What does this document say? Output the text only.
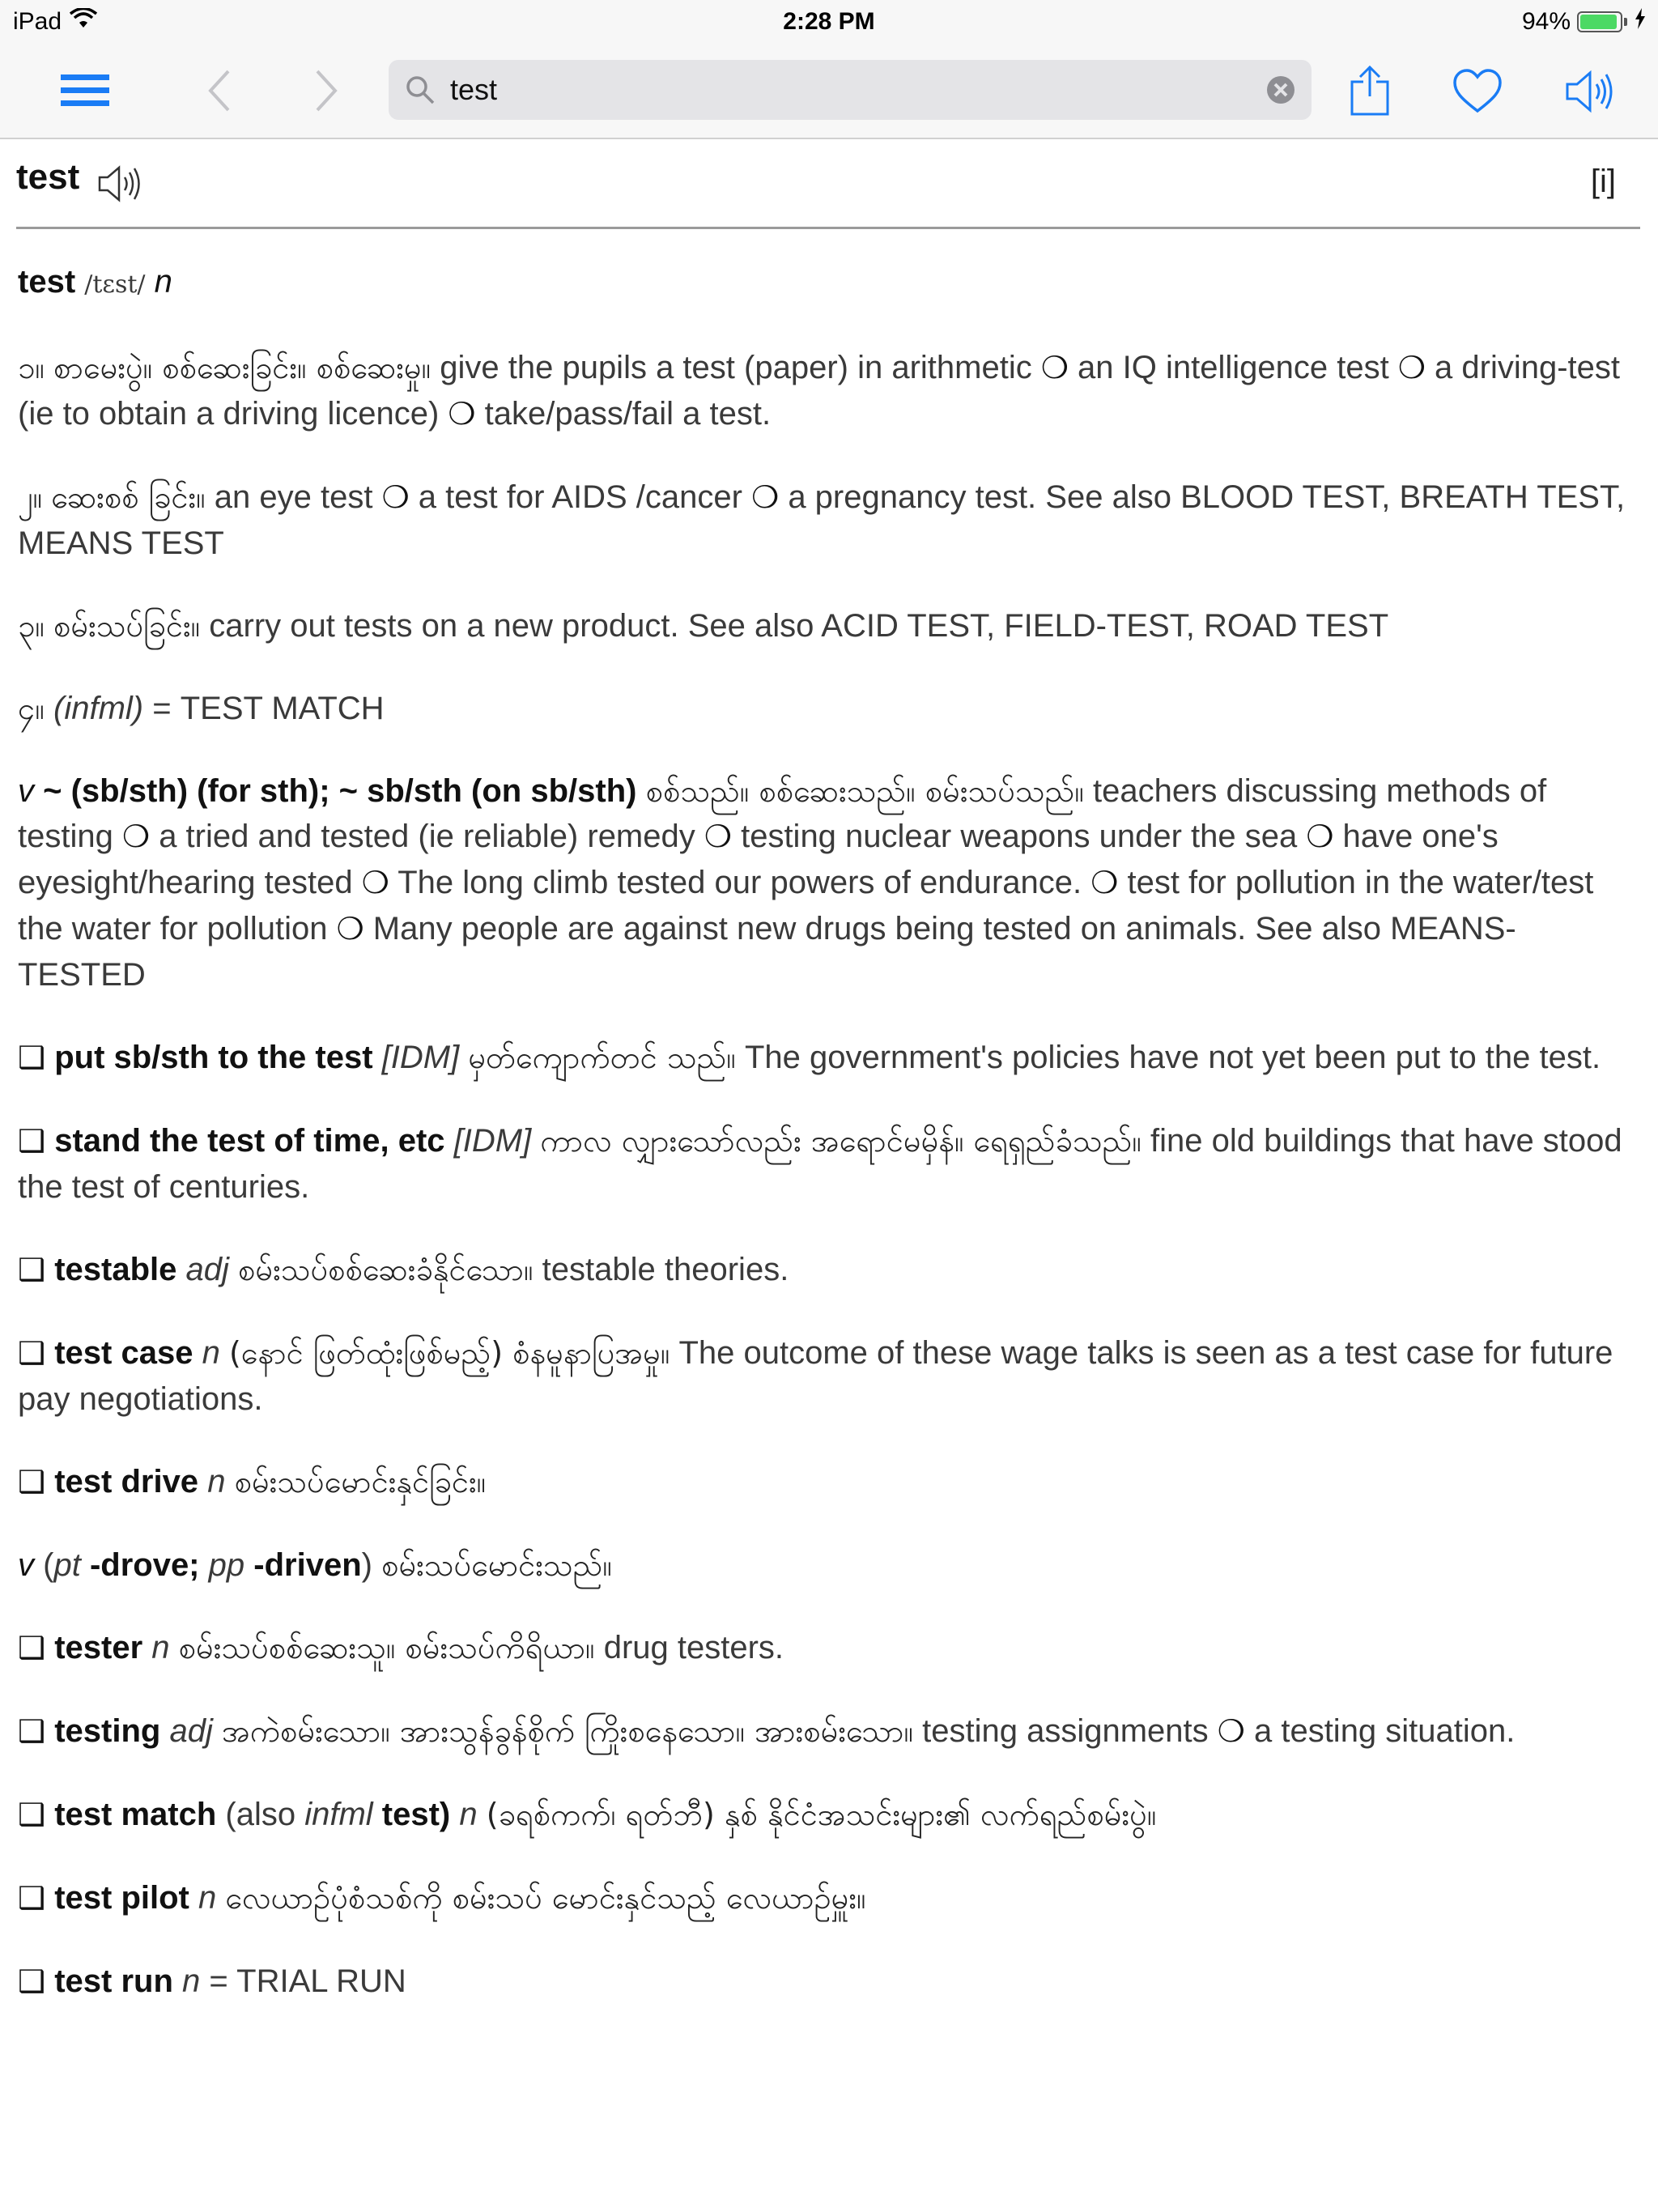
iPad	2:28 PM	94%
test
test	[i]

test /tɛst/ n

၁။ စာမေးပွဲ။ စစ်ဆေးခြင်း။ စစ်ဆေးမှု။ give the pupils a test (paper) in arithmetic ❍ an IQ intelligence test ❍ a driving-test (ie to obtain a driving licence) ❍ take/pass/fail a test.

၂။ ဆေးစစ် ခြင်း။ an eye test ❍ a test for AIDS /cancer ❍ a pregnancy test. See also BLOOD TEST, BREATH TEST, MEANS TEST

၃။ စမ်းသပ်ခြင်း။ carry out tests on a new product. See also ACID TEST, FIELD-TEST, ROAD TEST

၄။ (infml) = TEST MATCH

v ~ (sb/sth) (for sth); ~ sb/sth (on sb/sth) စစ်သည်။ စစ်ဆေးသည်။ စမ်းသပ်သည်။ teachers discussing methods of testing ❍ a tried and tested (ie reliable) remedy ❍ testing nuclear weapons under the sea ❍ have one's eyesight/hearing tested ❍ The long climb tested our powers of endurance. ❍ test for pollution in the water/test the water for pollution ❍ Many people are against new drugs being tested on animals. See also MEANS-TESTED

❑ put sb/sth to the test [IDM] မှတ်ကျောက်တင် သည်။ The government's policies have not yet been put to the test.

❑ stand the test of time, etc [IDM] ကာလ လျှားသော်လည်း အရောင်မမှိန်။ ရေရှည်ခံသည်။ fine old buildings that have stood the test of centuries.

❑ testable adj စမ်းသပ်စစ်ဆေးခံနိုင်သော။ testable theories.

❑ test case n (နောင် ဖြတ်ထုံးဖြစ်မည့်) စံနမူနာပြအမှု။ The outcome of these wage talks is seen as a test case for future pay negotiations.

❑ test drive n စမ်းသပ်မောင်းနှင်ခြင်း။

v (pt -drove; pp -driven) စမ်းသပ်မောင်းသည်။

❑ tester n စမ်းသပ်စစ်ဆေးသူ။ စမ်းသပ်ကိရိယာ။ drug testers.

❑ testing adj အကဲစမ်းသော။ အားသွန်ခွန်စိုက် ကြိုးစနေသော။ အားစမ်းသော။ testing assignments ❍ a testing situation.

❑ test match (also infml test) n (ခရစ်ကက်၊ ရတ်ဘီ) နှစ် နိုင်ငံအသင်းများ၏ လက်ရည်စမ်းပွဲ။

❑ test pilot n လေယာဉ်ပုံစံသစ်ကို စမ်းသပ် မောင်းနှင်သည့် လေယာဉ်မှူး။

❑ test run n = TRIAL RUN
